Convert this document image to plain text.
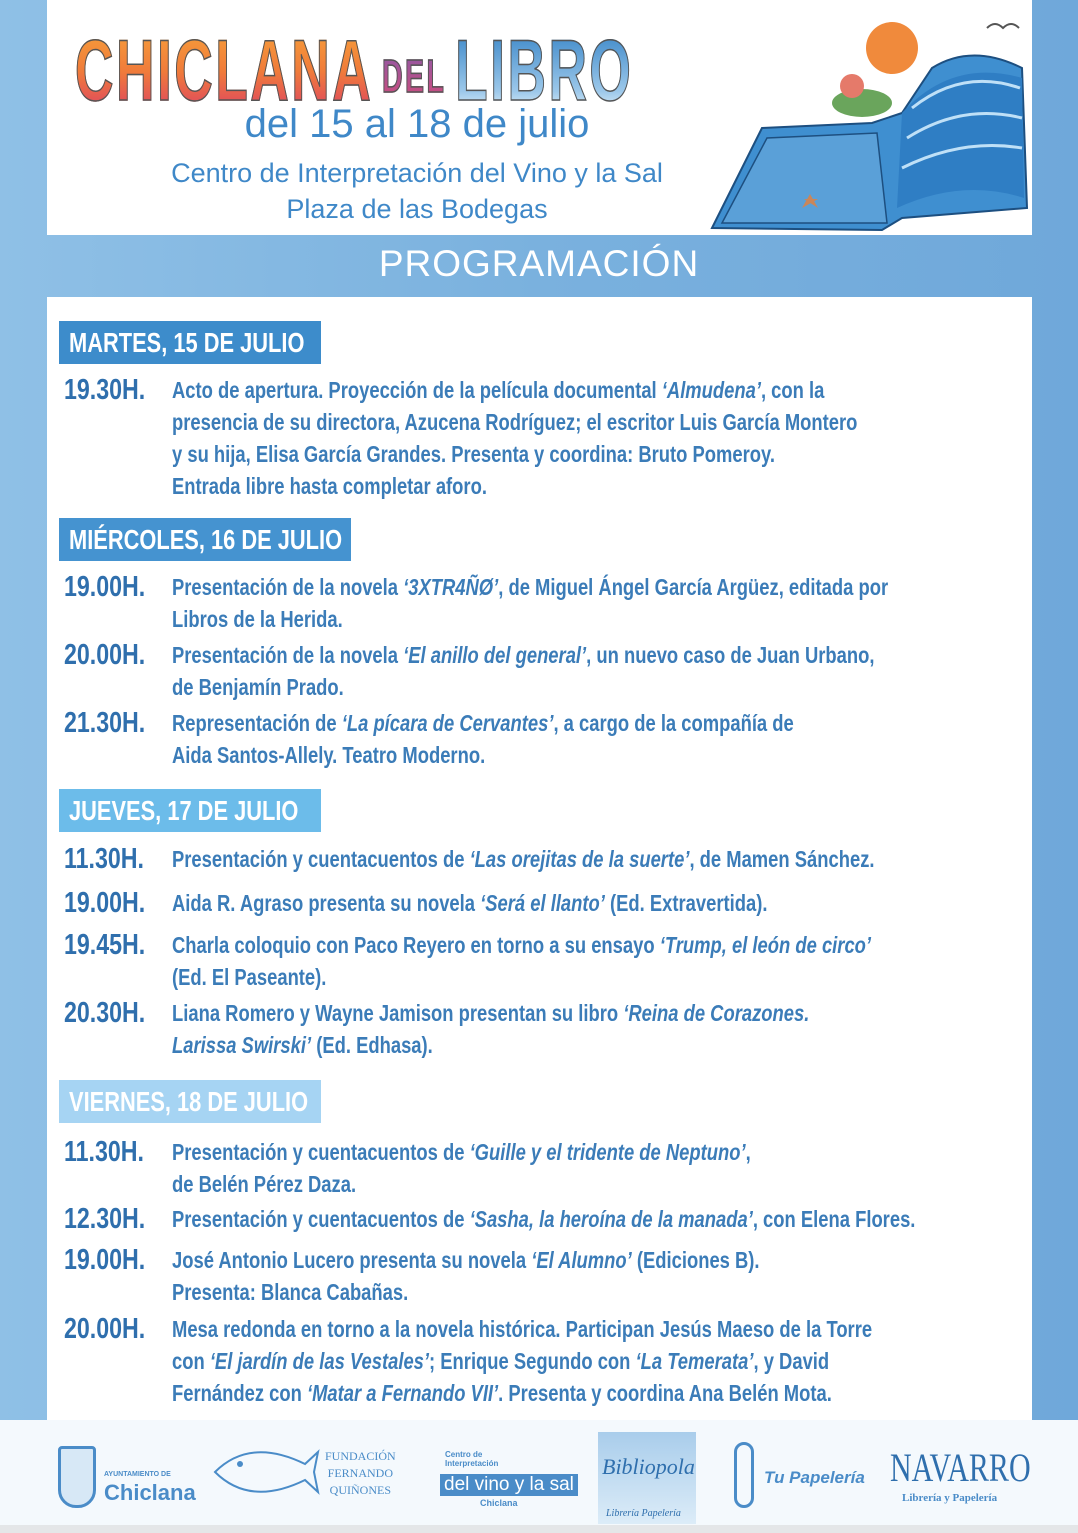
CHICLANA DEL LIBRO
del 15 al 18 de julio
Centro de Interpretación del Vino y la Sal
Plaza de las Bodegas
PROGRAMACIÓN
MARTES, 15 DE JULIO
19.30H. Acto de apertura. Proyección de la película documental ‘Almudena’, con la
presencia de su directora, Azucena Rodríguez; el escritor Luis García Montero
y su hija, Elisa García Grandes. Presenta y coordina: Bruto Pomeroy.
Entrada libre hasta completar aforo.
MIÉRCOLES, 16 DE JULIO
19.00H. Presentación de la novela ‘3XTR4ÑØ’, de Miguel Ángel García Argüez, editada por
Libros de la Herida.
20.00H. Presentación de la novela ‘El anillo del general’, un nuevo caso de Juan Urbano,
de Benjamín Prado.
21.30H. Representación de ‘La pícara de Cervantes’, a cargo de la compañía de
Aida Santos-Allely. Teatro Moderno.
JUEVES, 17 DE JULIO
11.30H. Presentación y cuentacuentos de ‘Las orejitas de la suerte’, de Mamen Sánchez.
19.00H. Aida R. Agraso presenta su novela ‘Será el llanto’ (Ed. Extravertida).
19.45H. Charla coloquio con Paco Reyero en torno a su ensayo ‘Trump, el león de circo’
(Ed. El Paseante).
20.30H. Liana Romero y Wayne Jamison presentan su libro ‘Reina de Corazones.
Larissa Swirski’ (Ed. Edhasa).
VIERNES, 18 DE JULIO
11.30H. Presentación y cuentacuentos de ‘Guille y el tridente de Neptuno’,
de Belén Pérez Daza.
12.30H. Presentación y cuentacuentos de ‘Sasha, la heroína de la manada’, con Elena Flores.
19.00H. José Antonio Lucero presenta su novela ‘El Alumno’ (Ediciones B).
Presenta: Blanca Cabañas.
20.00H. Mesa redonda en torno a la novela histórica. Participan Jesús Maeso de la Torre
con ‘El jardín de las Vestales’; Enrique Segundo con ‘La Temerata’, y David
Fernández con ‘Matar a Fernando VII’. Presenta y coordina Ana Belén Mota.
AYUNTAMIENTO DE
Chiclana
FUNDACIÓN
FERNANDO
QUIÑONES
Centro de
Interpretación
del vino y la sal
Chiclana
Bibliopola
Librería Papelería
Tu Papelería NAVARRO
Librería y Papelería
